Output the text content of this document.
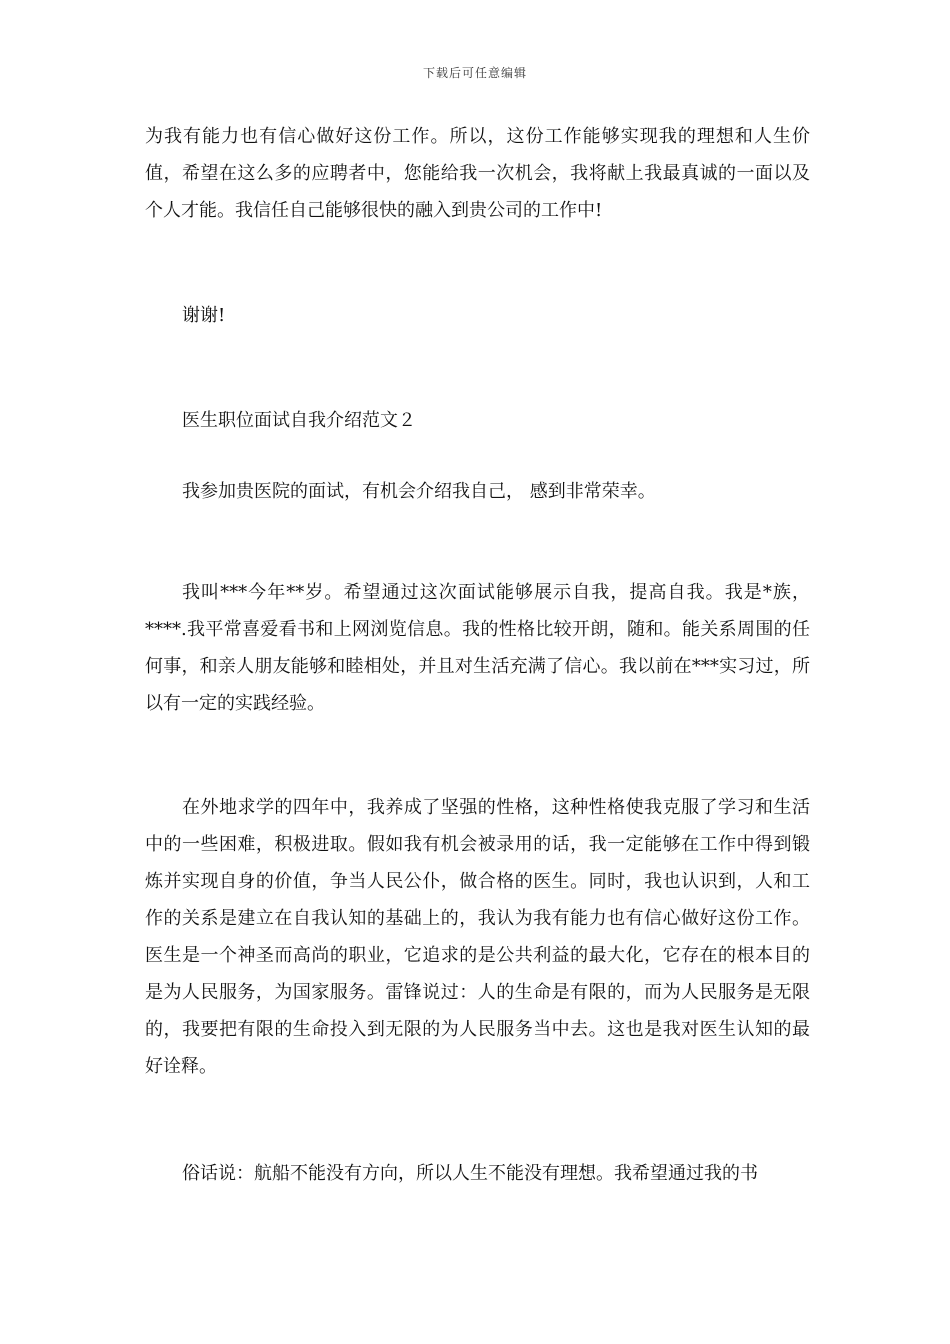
下载后可任意编辑

为我有能力也有信心做好这份工作。所以，这份工作能够实现我的理想和人生价值，希望在这么多的应聘者中，您能给我一次机会，我将献上我最真诚的一面以及个人才能。我信任自己能够很快的融入到贵公司的工作中!

谢谢!

医生职位面试自我介绍范文２

我参加贵医院的面试，有机会介绍我自己， 感到非常荣幸。

我叫***今年**岁。希望通过这次面试能够展示自我，提高自我。我是*族，****.我平常喜爱看书和上网浏览信息。我的性格比较开朗，随和。能关系周围的任何事，和亲人朋友能够和睦相处，并且对生活充满了信心。我以前在***实习过，所以有一定的实践经验。

在外地求学的四年中，我养成了坚强的性格，这种性格使我克服了学习和生活中的一些困难，积极进取。假如我有机会被录用的话，我一定能够在工作中得到锻炼并实现自身的价值，争当人民公仆，做合格的医生。同时，我也认识到，人和工作的关系是建立在自我认知的基础上的，我认为我有能力也有信心做好这份工作。医生是一个神圣而高尚的职业，它追求的是公共利益的最大化，它存在的根本目的是为人民服务，为国家服务。雷锋说过：人的生命是有限的，而为人民服务是无限的，我要把有限的生命投入到无限的为人民服务当中去。这也是我对医生认知的最好诠释。

俗话说：航船不能没有方向，所以人生不能没有理想。我希望通过我的书
